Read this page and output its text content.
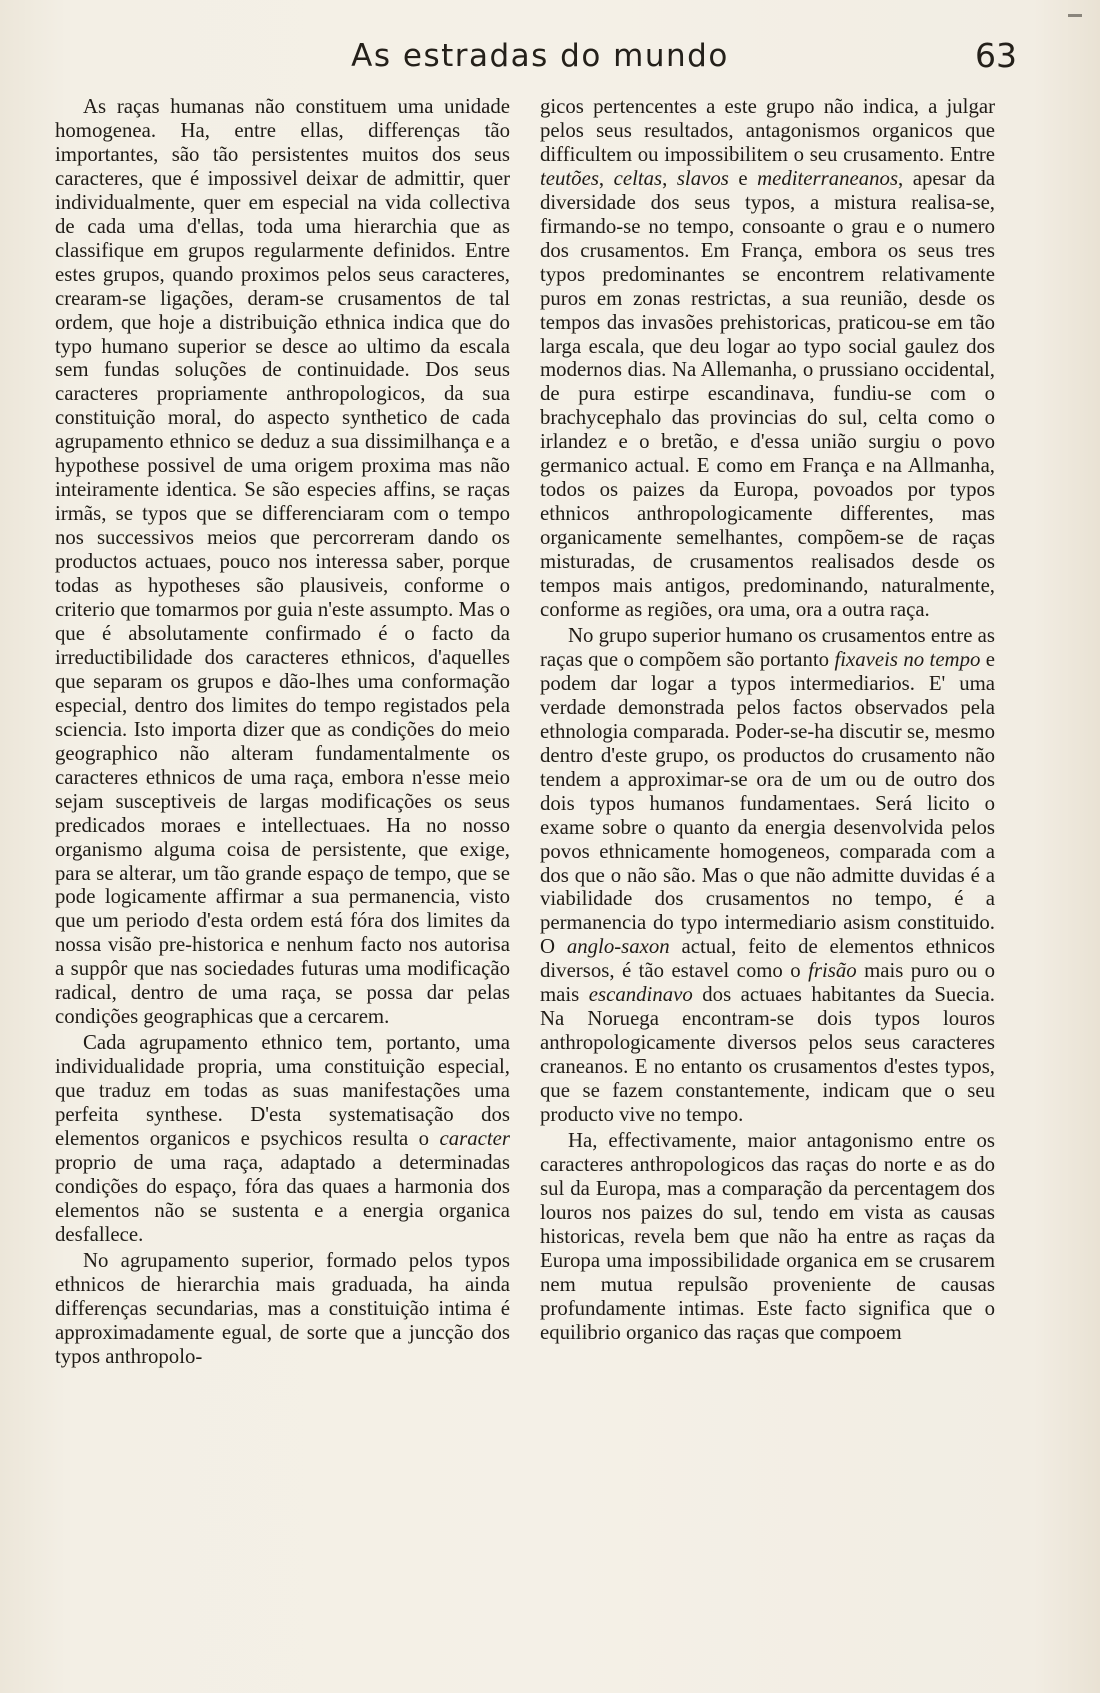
As estradas do mundo	63

As raças humanas não constituem uma unidade homogenea. Ha, entre ellas, differenças tão importantes, são tão persistentes muitos dos seus caracteres, que é impossivel deixar de admittir, quer individualmente, quer em especial na vida collectiva de cada uma d'ellas, toda uma hierarchia que as classifique em grupos regularmente definidos. Entre estes grupos, quando proximos pelos seus caracteres, crearam-se ligações, deram-se crusamentos de tal ordem, que hoje a distribuição ethnica indica que do typo humano superior se desce ao ultimo da escala sem fundas soluções de continuidade. Dos seus caracteres propriamente anthropologicos, da sua constituição moral, do aspecto synthetico de cada agrupamento ethnico se deduz a sua dissimilhança e a hypothese possivel de uma origem proxima mas não inteiramente identica. Se são especies affins, se raças irmãs, se typos que se differenciaram com o tempo nos successivos meios que percorreram dando os productos actuaes, pouco nos interessa saber, porque todas as hypotheses são plausiveis, conforme o criterio que tomarmos por guia n'este assumpto. Mas o que é absolutamente confirmado é o facto da irreductibilidade dos caracteres ethnicos, d'aquelles que separam os grupos e dão-lhes uma conformação especial, dentro dos limites do tempo registados pela sciencia. Isto importa dizer que as condições do meio geographico não alteram fundamentalmente os caracteres ethnicos de uma raça, embora n'esse meio sejam susceptiveis de largas modificações os seus predicados moraes e intellectuaes. Ha no nosso organismo alguma coisa de persistente, que exige, para se alterar, um tão grande espaço de tempo, que se pode logicamente affirmar a sua permanencia, visto que um periodo d'esta ordem está fóra dos limites da nossa visão pre-historica e nenhum facto nos autorisa a suppôr que nas sociedades futuras uma modificação radical, dentro de uma raça, se possa dar pelas condições geographicas que a cercarem.

Cada agrupamento ethnico tem, portanto, uma individualidade propria, uma constituição especial, que traduz em todas as suas manifestações uma perfeita synthese. D'esta systematisação dos elementos organicos e psychicos resulta o caracter proprio de uma raça, adaptado a determinadas condições do espaço, fóra das quaes a harmonia dos elementos não se sustenta e a energia organica desfallece.

No agrupamento superior, formado pelos typos ethnicos de hierarchia mais graduada, ha ainda differenças secundarias, mas a constituição intima é approximadamente egual, de sorte que a juncção dos typos anthropolo-

gicos pertencentes a este grupo não indica, a julgar pelos seus resultados, antagonismos organicos que difficultem ou impossibilitem o seu crusamento. Entre teutões, celtas, slavos e mediterraneanos, apesar da diversidade dos seus typos, a mistura realisa-se, firmando-se no tempo, consoante o grau e o numero dos crusamentos. Em França, embora os seus tres typos predominantes se encontrem relativamente puros em zonas restrictas, a sua reunião, desde os tempos das invasões prehistoricas, praticou-se em tão larga escala, que deu logar ao typo social gaulez dos modernos dias. Na Allemanha, o prussiano occidental, de pura estirpe escandinava, fundiu-se com o brachycephalo das provincias do sul, celta como o irlandez e o bretão, e d'essa união surgiu o povo germanico actual. E como em França e na Allmanha, todos os paizes da Europa, povoados por typos ethnicos anthropologicamente differentes, mas organicamente semelhantes, compõem-se de raças misturadas, de crusamentos realisados desde os tempos mais antigos, predominando, naturalmente, conforme as regiões, ora uma, ora a outra raça.

No grupo superior humano os crusamentos entre as raças que o compõem são portanto fixaveis no tempo e podem dar logar a typos intermediarios. E' uma verdade demonstrada pelos factos observados pela ethnologia comparada. Poder-se-ha discutir se, mesmo dentro d'este grupo, os productos do crusamento não tendem a approximar-se ora de um ou de outro dos dois typos humanos fundamentaes. Será licito o exame sobre o quanto da energia desenvolvida pelos povos ethnicamente homogeneos, comparada com a dos que o não são. Mas o que não admitte duvidas é a viabilidade dos crusamentos no tempo, é a permanencia do typo intermediario asism constituido. O anglo-saxon actual, feito de elementos ethnicos diversos, é tão estavel como o frisão mais puro ou o mais escandinavo dos actuaes habitantes da Suecia. Na Noruega encontram-se dois typos louros anthropologicamente diversos pelos seus caracteres craneanos. E no entanto os crusamentos d'estes typos, que se fazem constantemente, indicam que o seu producto vive no tempo.

Ha, effectivamente, maior antagonismo entre os caracteres anthropologicos das raças do norte e as do sul da Europa, mas a comparação da percentagem dos louros nos paizes do sul, tendo em vista as causas historicas, revela bem que não ha entre as raças da Europa uma impossibilidade organica em se crusarem nem mutua repulsão proveniente de causas profundamente intimas. Este facto significa que o equilibrio organico das raças que compoem
